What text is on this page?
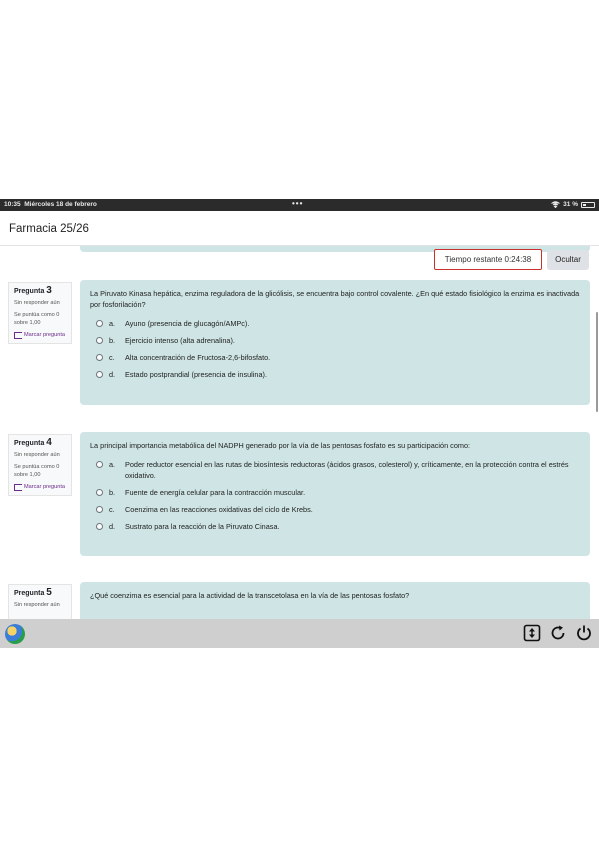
10:35 Miércoles 18 de febrero	•••	31 %
Farmacia 25/26
Tiempo restante 0:24:38	Ocultar
Pregunta 3
Sin responder aún
Se puntúa como 0 sobre 1,00
Marcar pregunta
La Piruvato Kinasa hepática, enzima reguladora de la glicólisis, se encuentra bajo control covalente. ¿En qué estado fisiológico la enzima es inactivada por fosforilación?
a.	Ayuno (presencia de glucagón/AMPc).
b.	Ejercicio intenso (alta adrenalina).
c.	Alta concentración de Fructosa-2,6-bifosfato.
d.	Estado postprandial (presencia de insulina).
Pregunta 4
Sin responder aún
Se puntúa como 0 sobre 1,00
Marcar pregunta
La principal importancia metabólica del NADPH generado por la vía de las pentosas fosfato es su participación como:
a.	Poder reductor esencial en las rutas de biosíntesis reductoras (ácidos grasos, colesterol) y, críticamente, en la protección contra el estrés oxidativo.
b.	Fuente de energía celular para la contracción muscular.
c.	Coenzima en las reacciones oxidativas del ciclo de Krebs.
d.	Sustrato para la reacción de la Piruvato Cinasa.
Pregunta 5
Sin responder aún
¿Qué coenzima es esencial para la actividad de la transcetolasa en la vía de las pentosas fosfato?
